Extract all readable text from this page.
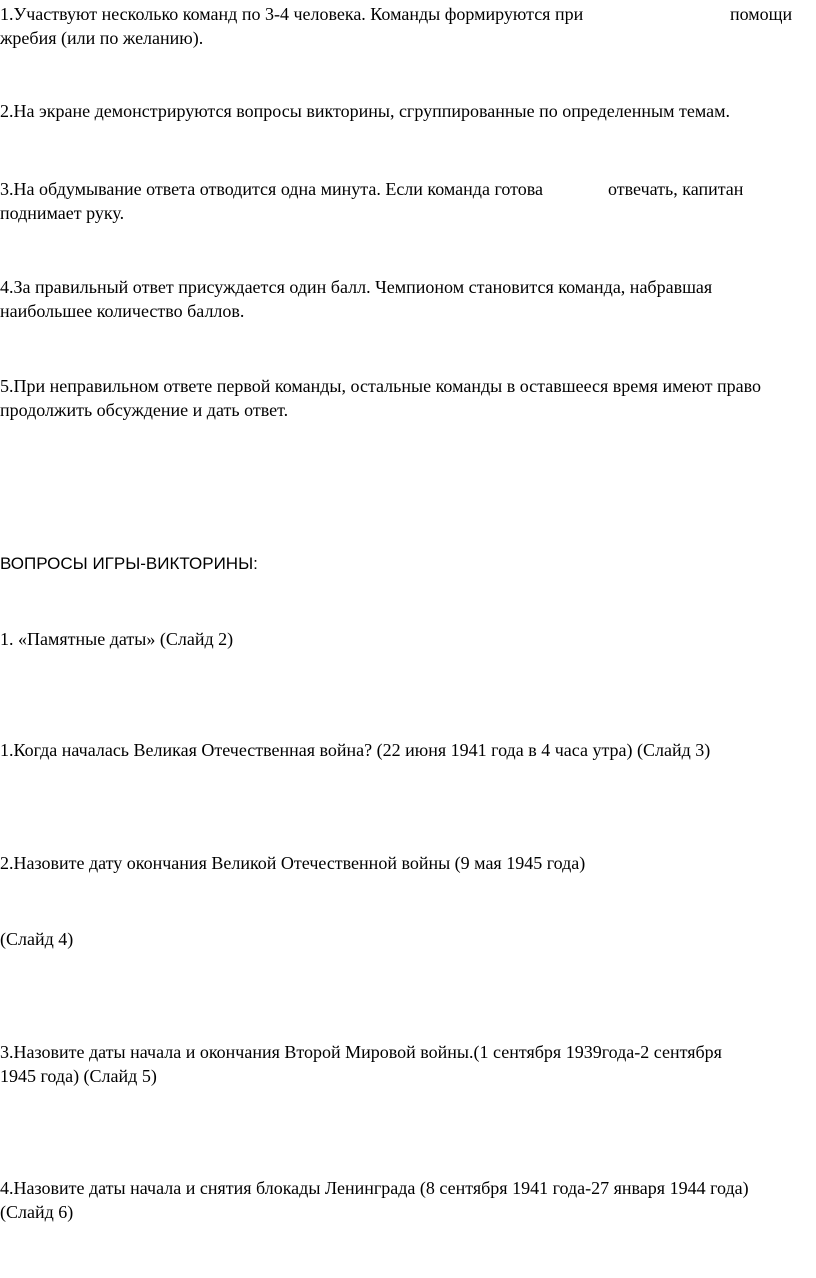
1.Участвуют несколько команд по 3-4 человека. Команды формируются при
жребия (или по желанию).
помощи
2.На экране демонстрируются вопросы викторины, сгруппированные по определенным темам.
3.На обдумывание ответа отводится одна минута. Если команда готова
поднимает руку.
отвечать, капитан
4.За правильный ответ присуждается один балл. Чемпионом становится команда, набравшая
наибольшее количество баллов.
5.При неправильном ответе первой команды, остальные команды в оставшееся время имеют право
продолжить обсуждение и дать ответ.
ВОПРОСЫ ИГРЫ-ВИКТОРИНЫ:
1. «Памятные даты» (Слайд 2)
1.Когда началась Великая Отечественная война? (22 июня 1941 года в 4 часа утра) (Слайд 3)
2.Назовите дату окончания Великой Отечественной войны (9 мая 1945 года)
(Слайд 4)
3.Назовите даты начала и окончания Второй Мировой войны.(1 сентября 1939года-2 сентября
1945 года) (Слайд 5)
4.Назовите даты начала и снятия блокады Ленинграда (8 сентября 1941 года-27 января 1944 года)
(Слайд 6)
